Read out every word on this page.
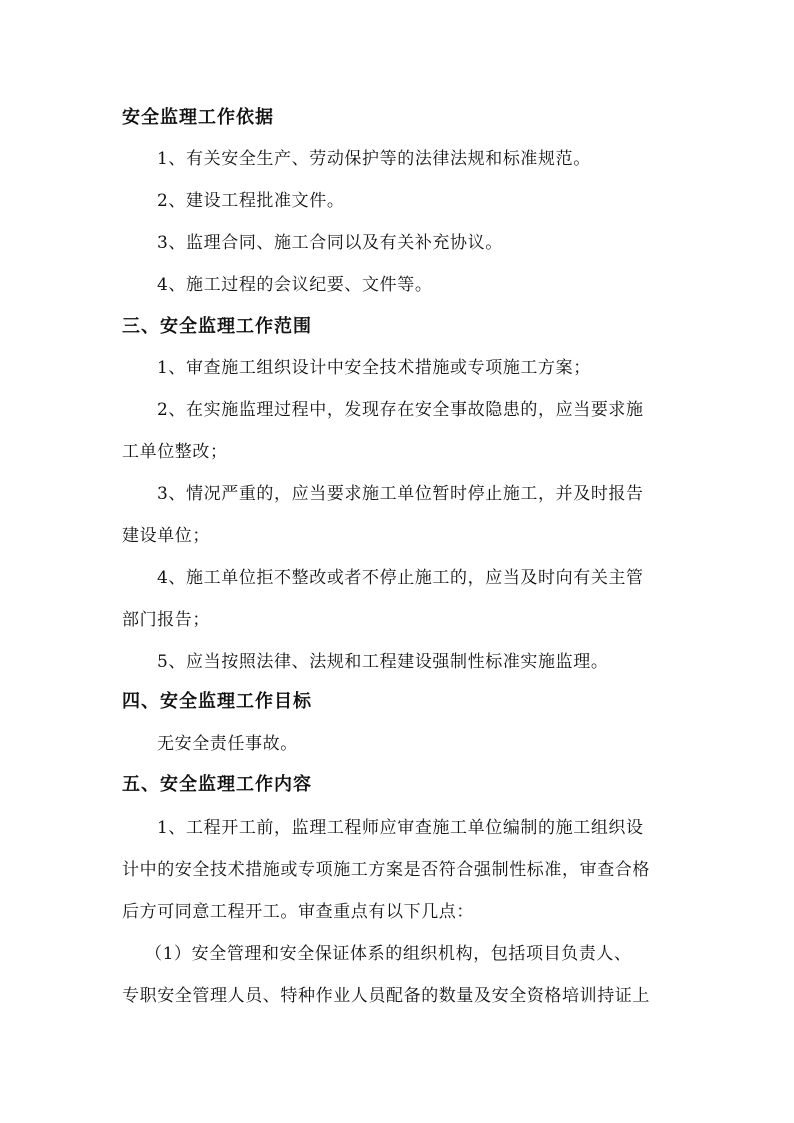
安全监理工作依据
1、有关安全生产、劳动保护等的法律法规和标准规范。
2、建设工程批准文件。
3、监理合同、施工合同以及有关补充协议。
4、施工过程的会议纪要、文件等。
三、安全监理工作范围
1、审查施工组织设计中安全技术措施或专项施工方案；
2、在实施监理过程中，发现存在安全事故隐患的，应当要求施
工单位整改；
3、情况严重的，应当要求施工单位暂时停止施工，并及时报告
建设单位；
4、施工单位拒不整改或者不停止施工的，应当及时向有关主管
部门报告；
5、应当按照法律、法规和工程建设强制性标准实施监理。
四、安全监理工作目标
无安全责任事故。
五、安全监理工作内容
1、工程开工前，监理工程师应审查施工单位编制的施工组织设
计中的安全技术措施或专项施工方案是否符合强制性标准，审查合格
后方可同意工程开工。审查重点有以下几点：
（1）安全管理和安全保证体系的组织机构，包括项目负责人、
专职安全管理人员、特种作业人员配备的数量及安全资格培训持证上
